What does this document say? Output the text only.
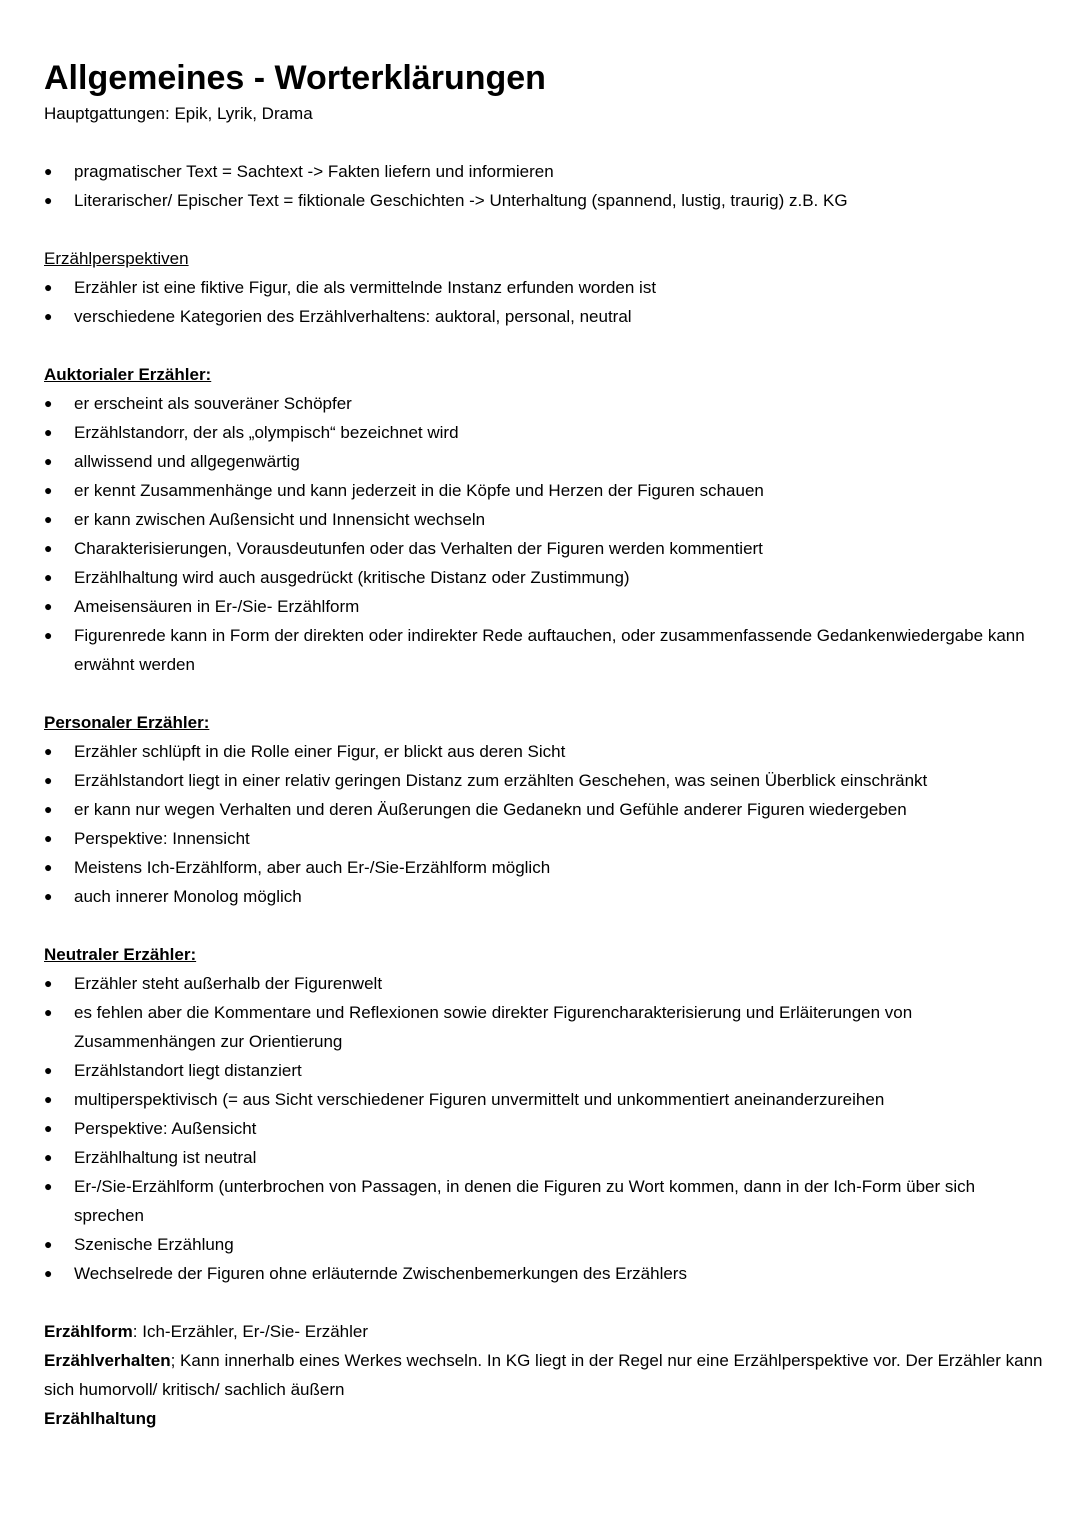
Allgemeines - Worterklärungen

Hauptgattungen: Epik, Lyrik, Drama

● pragmatischer Text = Sachtext -> Fakten liefern und informieren
● Literarischer/ Epischer Text = fiktionale Geschichten -> Unterhaltung (spannend, lustig, traurig) z.B. KG

Erzählperspektiven

● Erzähler ist eine fiktive Figur, die als vermittelnde Instanz erfunden worden ist
● verschiedene Kategorien des Erzählverhaltens: auktoral, personal, neutral

Auktorialer Erzähler:

● er erscheint als souveräner Schöpfer
● Erzählstandorr, der als „olympisch“ bezeichnet wird
● allwissend und allgegenwärtig
● er kennt Zusammenhänge und kann jederzeit in die Köpfe und Herzen der Figuren schauen
● er kann zwischen Außensicht und Innensicht wechseln
● Charakterisierungen, Vorausdeutunfen oder das Verhalten der Figuren werden kommentiert
● Erzählhaltung wird auch ausgedrückt (kritische Distanz oder Zustimmung)
● Ameisensäuren in Er-/Sie- Erzählform
● Figurenrede kann in Form der direkten oder indirekter Rede auftauchen, oder zusammenfassende Gedankenwiedergabe kann erwähnt werden

Personaler Erzähler:

● Erzähler schlüpft in die Rolle einer Figur, er blickt aus deren Sicht
● Erzählstandort liegt in einer relativ geringen Distanz zum erzählten Geschehen, was seinen Überblick einschränkt
● er kann nur wegen Verhalten und deren Äußerungen die Gedanekn und Gefühle anderer Figuren wiedergeben
● Perspektive: Innensicht
● Meistens Ich-Erzählform, aber auch Er-/Sie-Erzählform möglich
● auch innerer Monolog möglich

Neutraler Erzähler:

● Erzähler steht außerhalb der Figurenwelt
● es fehlen aber die Kommentare und Reflexionen sowie direkter Figurencharakterisierung und Erläiterungen von Zusammenhängen zur Orientierung
● Erzählstandort liegt distanziert
● multiperspektivisch (= aus Sicht verschiedener Figuren unvermittelt und unkommentiert aneinanderzureihen
● Perspektive: Außensicht
● Erzählhaltung ist neutral
● Er-/Sie-Erzählform (unterbrochen von Passagen, in denen die Figuren zu Wort kommen, dann in der Ich-Form über sich sprechen
● Szenische Erzählung
● Wechselrede der Figuren ohne erläuternde Zwischenbemerkungen des Erzählers

Erzählform: Ich-Erzähler, Er-/Sie- Erzähler

Erzählverhalten; Kann innerhalb eines Werkes wechseln. In KG liegt in der Regel nur eine Erzählperspektive vor. Der Erzähler kann sich humorvoll/ kritisch/ sachlich äußern

Erzählhaltung
